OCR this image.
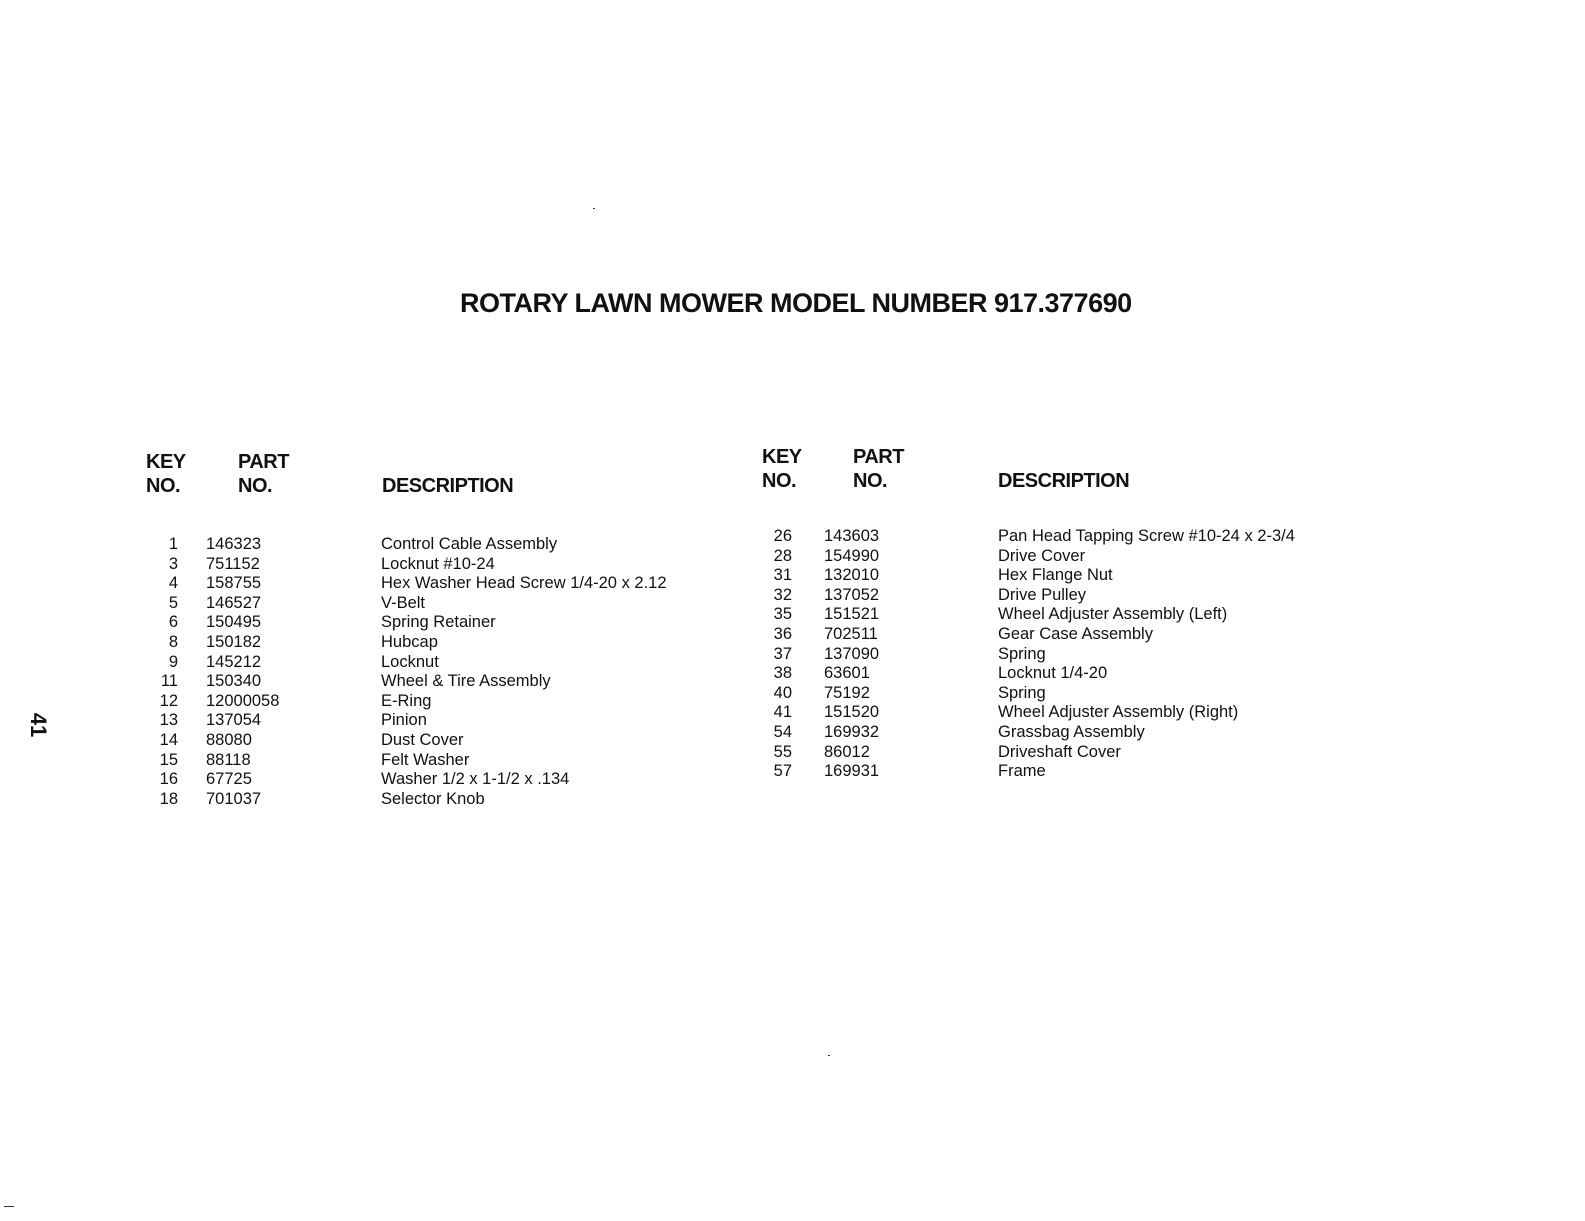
ROTARY LAWN MOWER MODEL NUMBER 917.377690
41
KEY
NO.
PART
NO.	DESCRIPTION
KEY
NO.
PART
NO.	DESCRIPTION
1 146323	Control Cable Assembly
3 751152	Locknut #10-24
4 158755	Hex Washer Head Screw 1/4-20 x 2.12
5 146527	V-Belt
6 150495	Spring Retainer
8 150182	Hubcap
9 145212	Locknut
11 150340	Wheel & Tire Assembly
12 12000058	E-Ring
13 137054	Pinion
14 88080	Dust Cover
15 88118	Felt Washer
16 67725	Washer 1/2 x 1-1/2 x .134
18 701037	Selector Knob
26 143603	Pan Head Tapping Screw #10-24 x 2-3/4
28 154990	Drive Cover
31 132010	Hex Flange Nut
32 137052	Drive Pulley
35 151521	Wheel Adjuster Assembly (Left)
36 702511	Gear Case Assembly
37 137090	Spring
38 63601	Locknut 1/4-20
40 75192	Spring
41 151520	Wheel Adjuster Assembly (Right)
54 169932	Grassbag Assembly
55 86012	Driveshaft Cover
57 169931	Frame
